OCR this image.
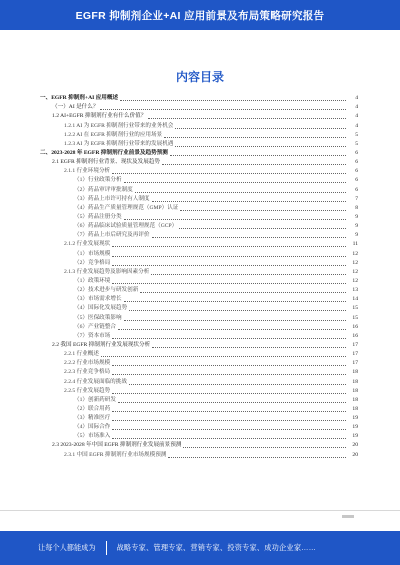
EGFR 抑制剂企业+AI 应用前景及布局策略研究报告
内容目录
一、EGFR 抑制剂+AI 应用概述	4
（一）AI 是什么？	4
1.2 AI+EGFR 抑制剂行业有什么价值？	4
1.2.1 AI 为 EGFR 抑制剂行业带来的业务机会	4
1.2.2 AI 在 EGFR 抑制剂行业的应用场景	5
1.2.3 AI 为 EGFR 抑制剂行业带来的发展机遇	5
二、2023-2028 年 EGFR 抑制剂行业前景及趋势预测	6
2.1 EGFR 抑制剂行业背景、现状及发展趋势	6
2.1.1 行业环境分析	6
（1）行业政策分析	6
（2）药品审评审批制度	6
（3）药品上市许可持有人制度	7
（4）药品生产质量管理规范（GMP）认证	8
（5）药品注册分类	9
（6）药品临床试验质量管理规范（GCP）	9
（7）药品上市后研究及再评价	9
2.1.2 行业发展现状	11
（1）市场规模	12
（2）竞争格局	12
2.1.3 行业发展趋势及影响因素分析	12
（1）政策环境	12
（2）技术进步与研发创新	13
（3）市场需求增长	14
（4）国际化发展趋势	15
（5）医保政策影响	15
（6）产业链整合	16
（7）资本市场	16
2.2 我国 EGFR 抑制剂行业发展现状分析	17
2.2.1 行业概述	17
2.2.2 行业市场规模	17
2.2.3 行业竞争格局	18
2.2.4 行业发展面临的挑战	18
2.2.5 行业发展趋势	18
（1）创新药研发	18
（2）联合用药	18
（3）精准医疗	19
（4）国际合作	19
（5）市场准入	19
2.3 2023-2028 年中国 EGFR 抑制剂行业发展前景预测	20
2.3.1 中国 EGFR 抑制剂行业市场规模预测	20
让每个人都能成为	战略专家、管理专家、营销专家、投资专家、成功企业家……
